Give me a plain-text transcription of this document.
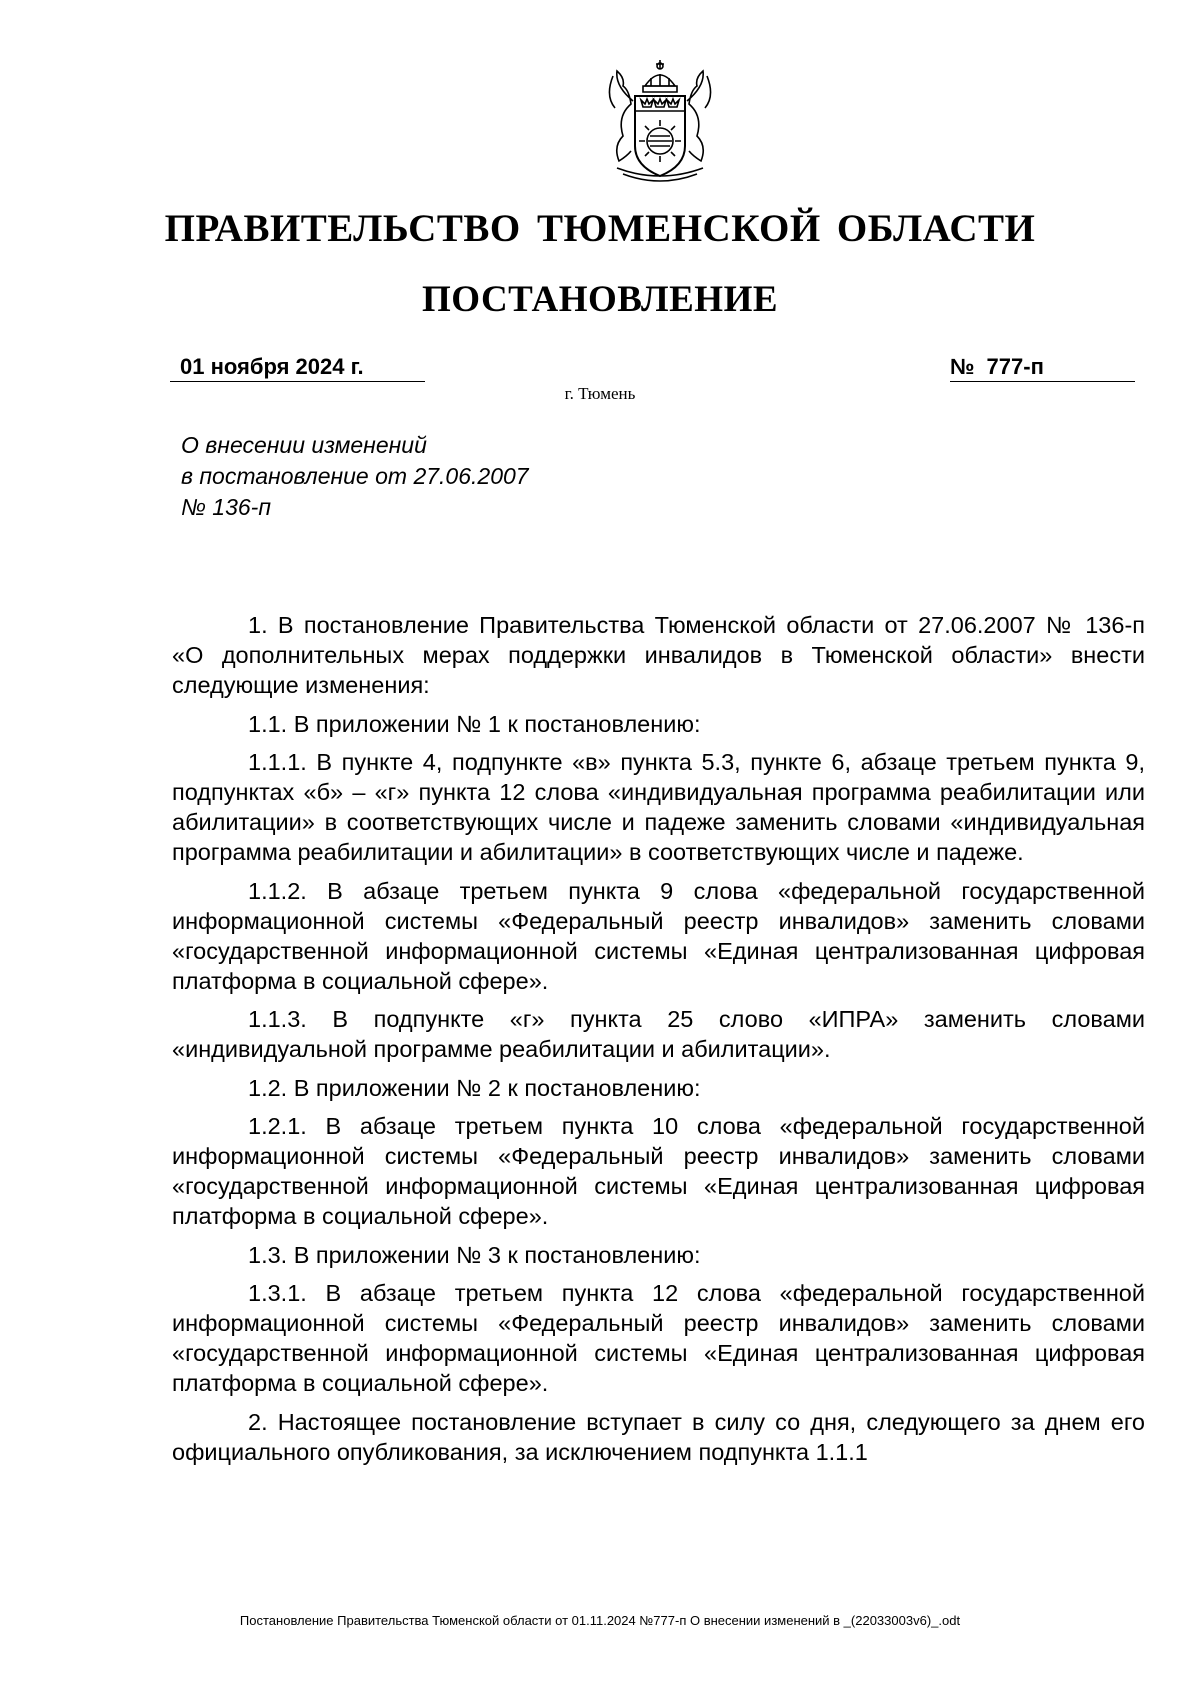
ПРАВИТЕЛЬСТВО ТЮМЕНСКОЙ ОБЛАСТИ
ПОСТАНОВЛЕНИЕ
01 ноября 2024 г.	№ 777-п
г. Тюмень
О внесении изменений
в постановление от 27.06.2007
№ 136-п

1. В постановление Правительства Тюменской области от 27.06.2007 № 136-п «О дополнительных мерах поддержки инвалидов в Тюменской области» внести следующие изменения:

1.1. В приложении № 1 к постановлению:

1.1.1. В пункте 4, подпункте «в» пункта 5.3, пункте 6, абзаце третьем пункта 9, подпунктах «б» – «г» пункта 12 слова «индивидуальная программа реабилитации или абилитации» в соответствующих числе и падеже заменить словами «индивидуальная программа реабилитации и абилитации» в соответствующих числе и падеже.

1.1.2. В абзаце третьем пункта 9 слова «федеральной государственной информационной системы «Федеральный реестр инвалидов» заменить словами «государственной информационной системы «Единая централизованная цифровая платформа в социальной сфере».

1.1.3. В подпункте «г» пункта 25 слово «ИПРА» заменить словами «индивидуальной программе реабилитации и абилитации».

1.2. В приложении № 2 к постановлению:

1.2.1. В абзаце третьем пункта 10 слова «федеральной государственной информационной системы «Федеральный реестр инвалидов» заменить словами «государственной информационной системы «Единая централизованная цифровая платформа в социальной сфере».

1.3. В приложении № 3 к постановлению:

1.3.1. В абзаце третьем пункта 12 слова «федеральной государственной информационной системы «Федеральный реестр инвалидов» заменить словами «государственной информационной системы «Единая централизованная цифровая платформа в социальной сфере».

2. Настоящее постановление вступает в силу со дня, следующего за днем его официального опубликования, за исключением подпункта 1.1.1

Постановление Правительства Тюменской области от 01.11.2024 №777-п О внесении изменений в _(22033003v6)_.odt
